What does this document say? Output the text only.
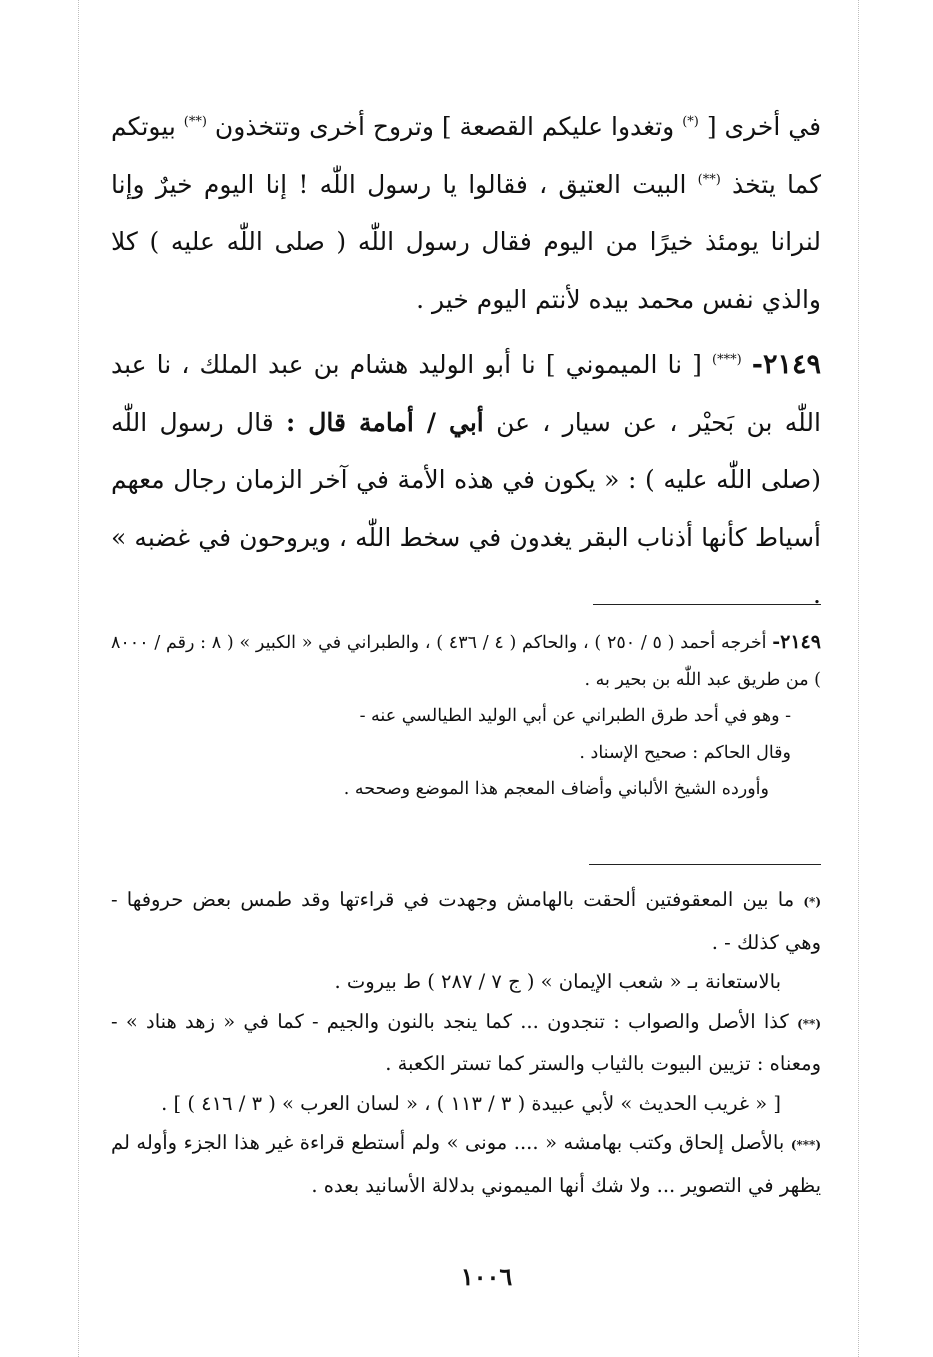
في أخرى [ (*) وتغدوا عليكم القصعة ] وتروح أخرى وتتخذون (**) بيوتكم كما يتخذ (**) البيت العتيق ، فقالوا يا رسول اللّٰه ! إنا اليوم خيرٌ وإنا لنرانا يومئذ خيرًا من اليوم فقال رسول اللّٰه ( صلى اللّٰه عليه ) كلا والذي نفس محمد بيده لأنتم اليوم خير .

٢١٤٩- (***) [ نا الميموني ] نا أبو الوليد هشام بن عبد الملك ، نا عبد اللّٰه بن بَحيْر ، عن سيار ، عن أبي / أمامة قال : قال رسول اللّٰه (صلى اللّٰه عليه ) : « يكون في هذه الأمة في آخر الزمان رجال معهم أسياط كأنها أذناب البقر يغدون في سخط اللّٰه ، ويروحون في غضبه » .

٢١٤٩- أخرجه أحمد ( ٥ / ٢٥٠ ) ، والحاكم ( ٤ / ٤٣٦ ) ، والطبراني في « الكبير » ( ٨ : رقم / ٨٠٠٠ ) من طريق عبد اللّٰه بن بحير به .

- وهو في أحد طرق الطبراني عن أبي الوليد الطيالسي عنه -

وقال الحاكم : صحيح الإسناد .

وأورده الشيخ الألباني وأضاف المعجم هذا الموضع وصححه .

(*) ما بين المعقوفتين ألحقت بالهامش وجهدت في قراءتها وقد طمس بعض حروفها - وهي كذلك - .

بالاستعانة بـ « شعب الإيمان » ( ج ٧ / ٢٨٧ ) ط بيروت .

(**) كذا الأصل والصواب : تنجدون ... كما ينجد بالنون والجيم - كما في « زهد هناد » - ومعناه : تزيين البيوت بالثياب والستر كما تستر الكعبة .

[ « غريب الحديث » لأبي عبيدة ( ٣ / ١١٣ ) ، « لسان العرب » ( ٣ / ٤١٦ ) ] .

(***) بالأصل إلحاق وكتب بهامشه « .... مونى » ولم أستطع قراءة غير هذا الجزء وأوله لم يظهر في التصوير ... ولا شك أنها الميموني بدلالة الأسانيد بعده .

١٠٠٦
